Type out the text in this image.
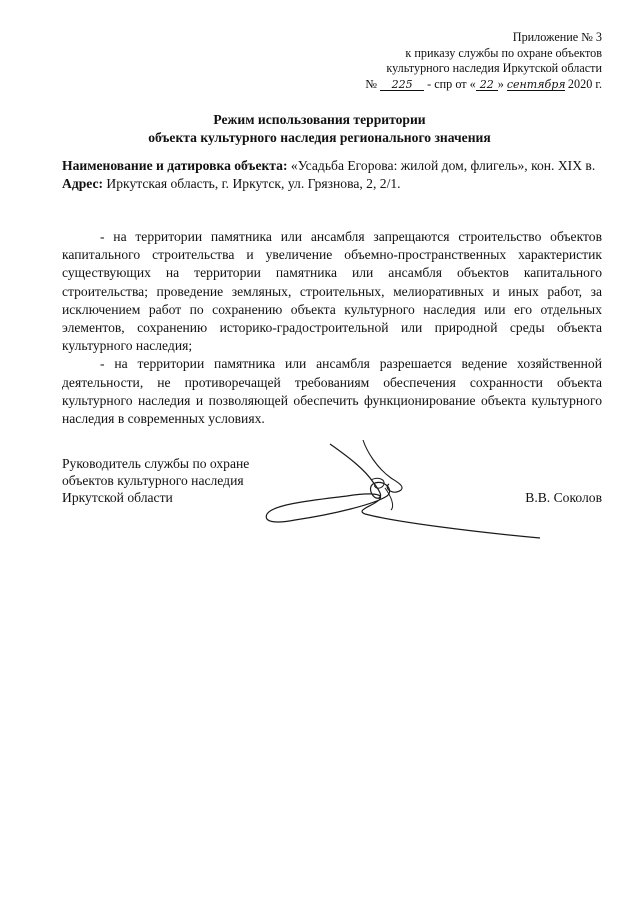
Приложение № 3
к приказу службы по охране объектов
культурного наследия Иркутской области
№ 225 - спр от « 22 » сентября 2020 г.
Режим использования территории
объекта культурного наследия регионального значения
Наименование и датировка объекта: «Усадьба Егорова: жилой дом, флигель», кон. XIX в.
Адрес: Иркутская область, г. Иркутск, ул. Грязнова, 2, 2/1.

- на территории памятника или ансамбля запрещаются строительство объектов капитального строительства и увеличение объемно-пространственных характеристик существующих на территории памятника или ансамбля объектов капитального строительства; проведение земляных, строительных, мелиоративных и иных работ, за исключением работ по сохранению объекта культурного наследия или его отдельных элементов, сохранению историко-градостроительной или природной среды объекта культурного наследия;

- на территории памятника или ансамбля разрешается ведение хозяйственной деятельности, не противоречащей требованиям обеспечения сохранности объекта культурного наследия и позволяющей обеспечить функционирование объекта культурного наследия в современных условиях.

Руководитель службы по охране
объектов культурного наследия
Иркутской области	В.В. Соколов
